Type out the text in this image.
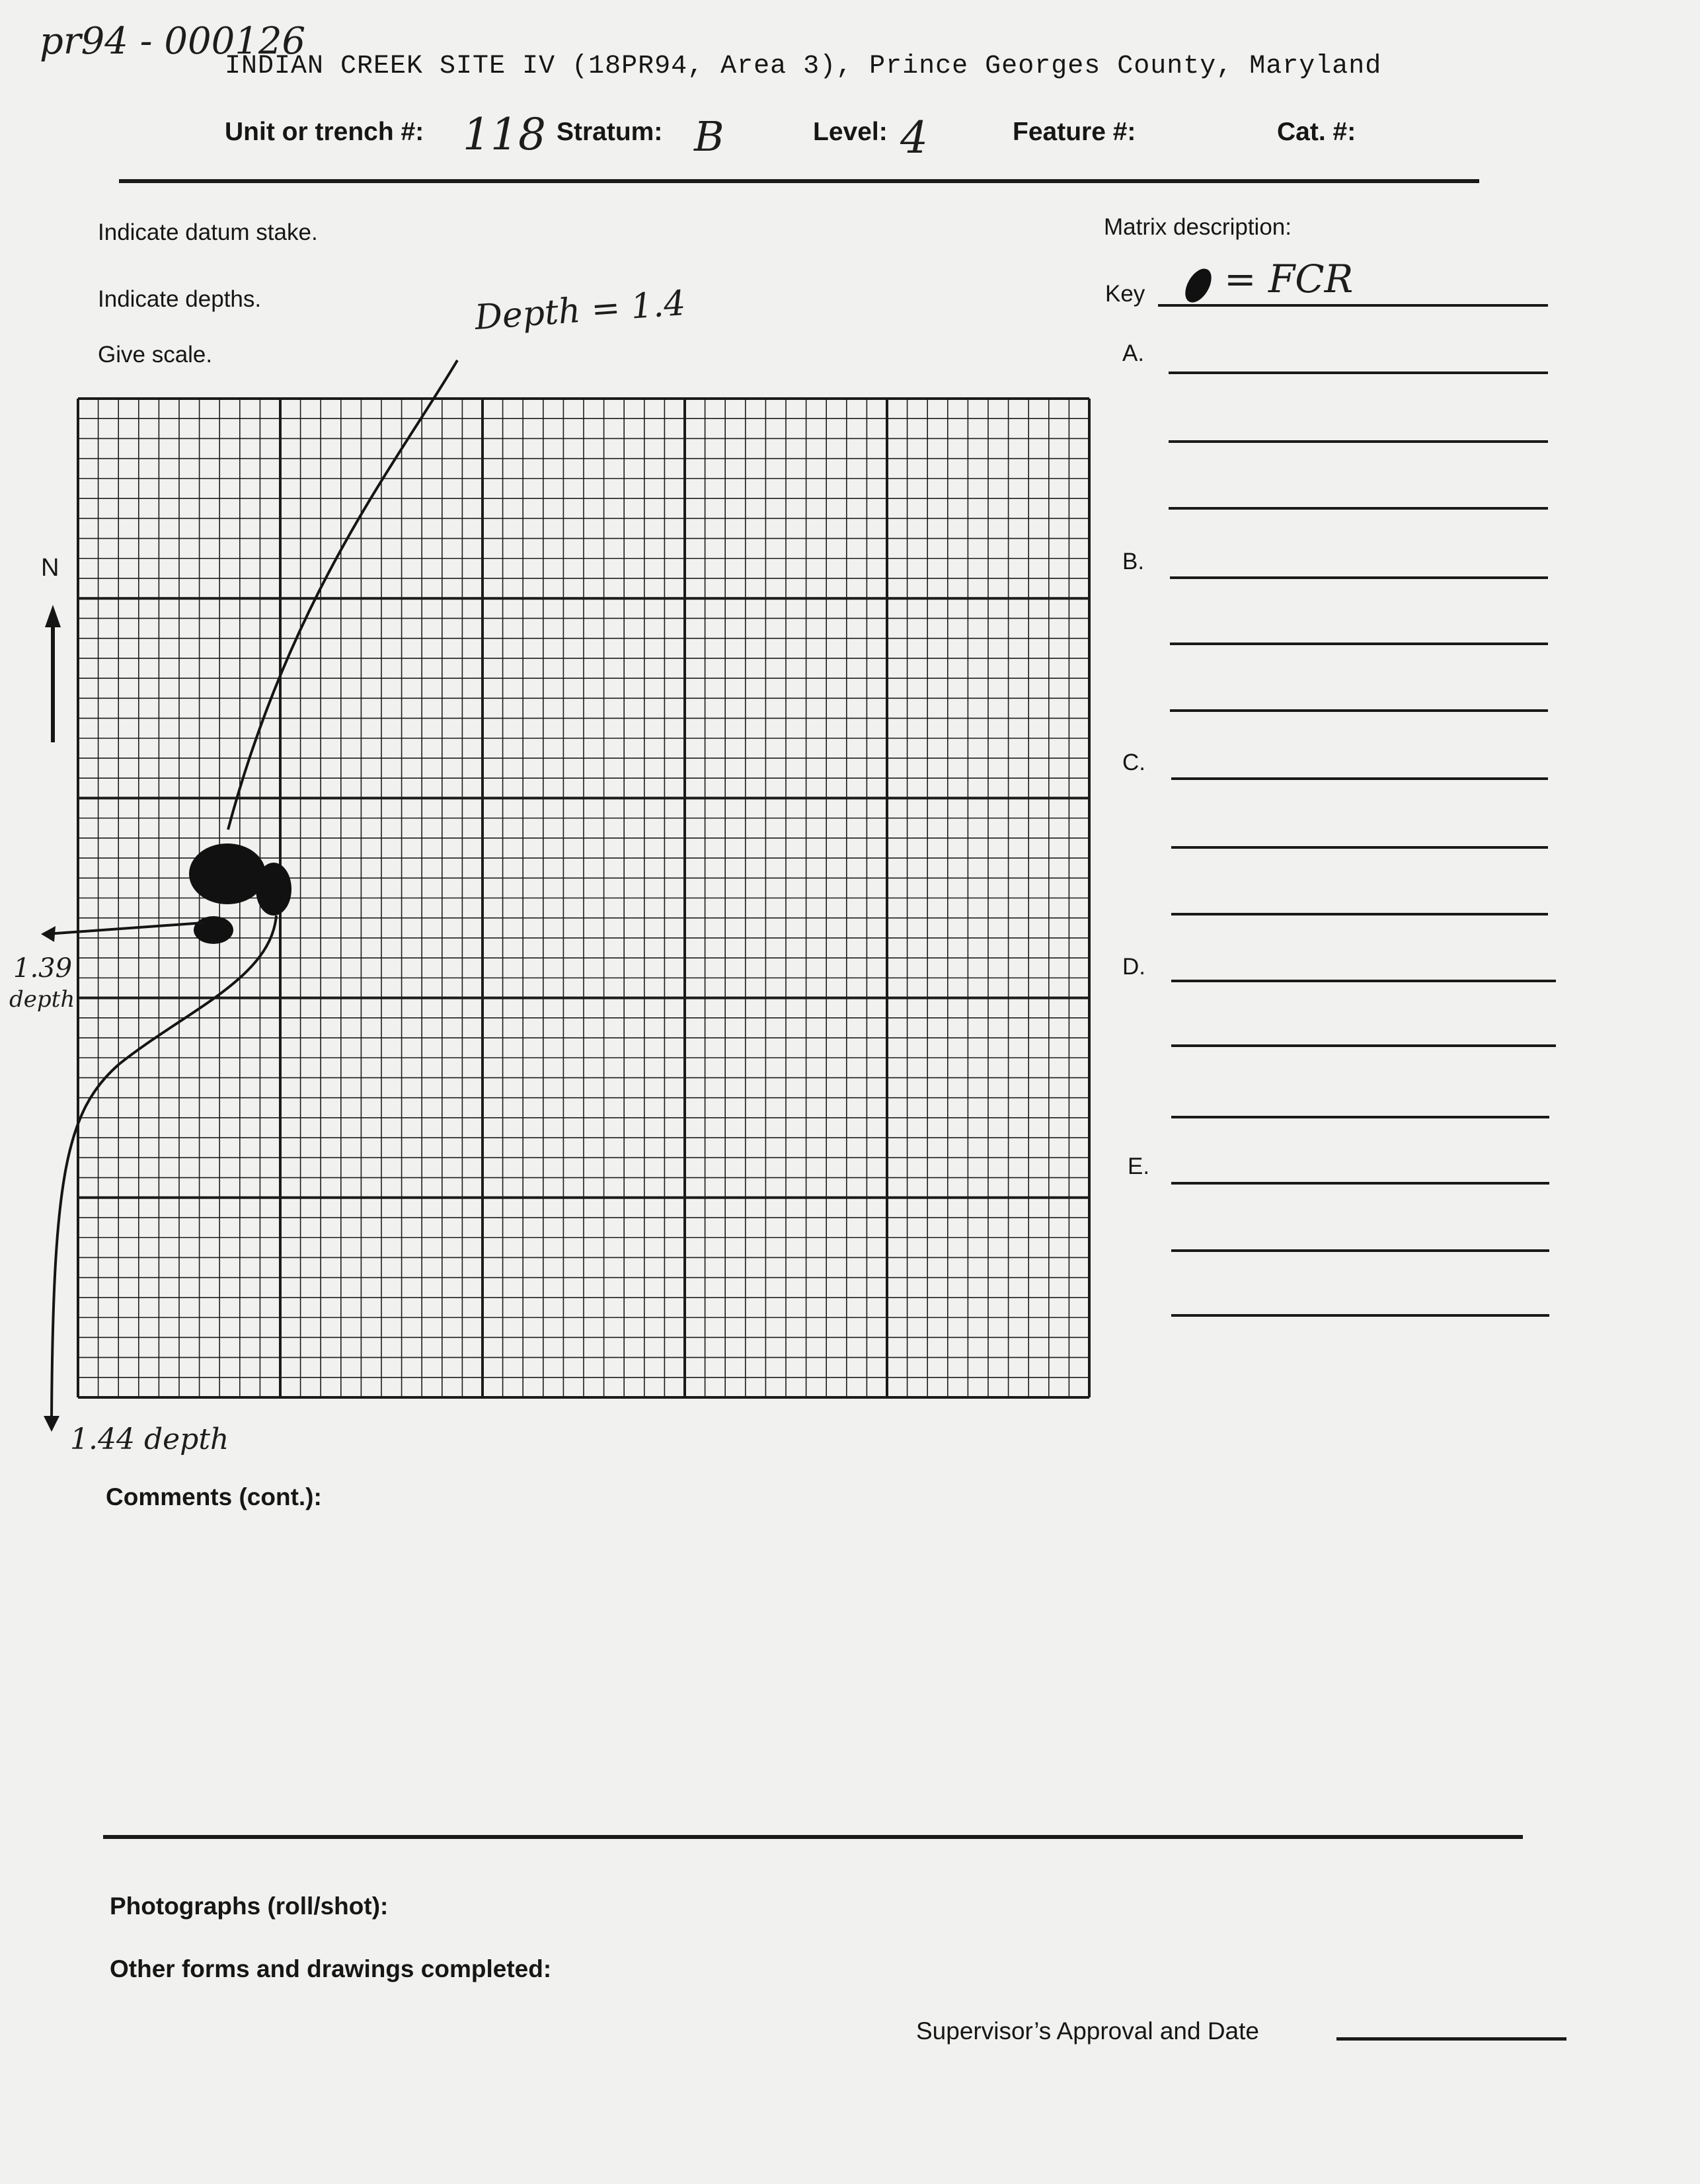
pr94 - 000126
INDIAN CREEK SITE IV (18PR94, Area 3), Prince Georges County, Maryland
Unit or trench #: 118 Stratum: B	Level: 4	Feature #:	Cat. #:
Indicate datum stake.
Indicate depths.
Give scale.
N
Depth = 1.4
1.39
depth
1.44 depth
Matrix description:
Key = FCR
A.
B.
C.
D.
E.
Comments (cont.):
Photographs (roll/shot):
Other forms and drawings completed:
Supervisor’s Approval and Date
